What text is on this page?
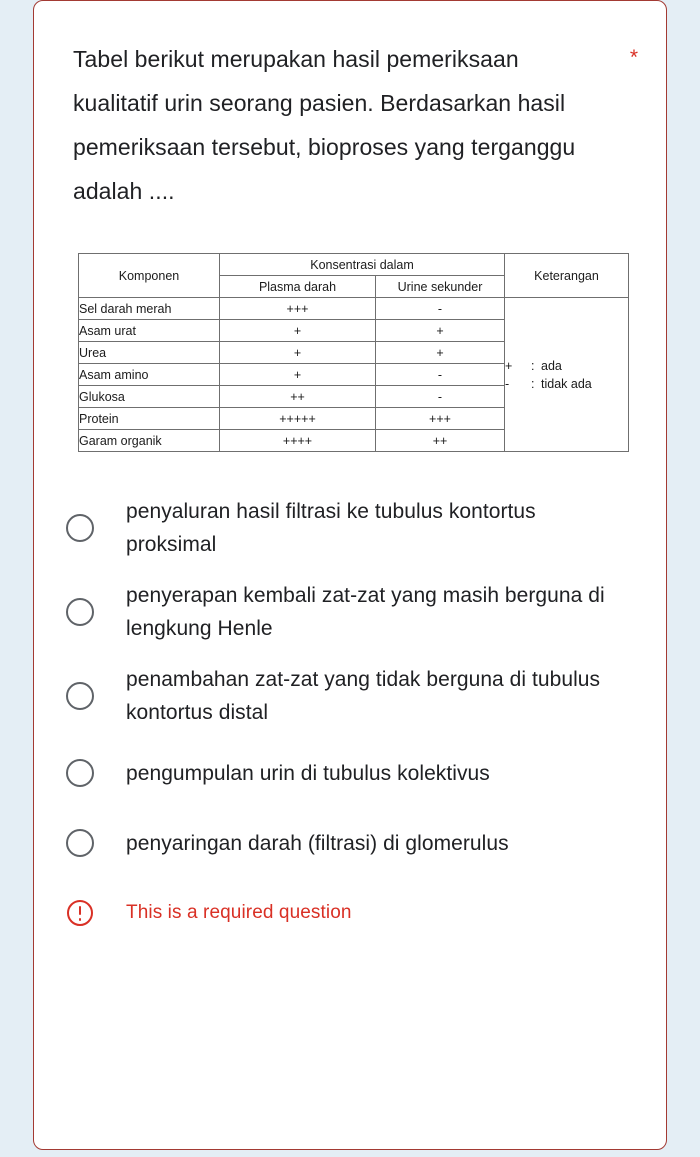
Tabel berikut merupakan hasil pemeriksaan kualitatif urin seorang pasien. Berdasarkan hasil pemeriksaan tersebut, bioproses yang terganggu adalah ....
*
Komponen	Konsentrasi dalam		Keterangan
	Plasma darah	Urine sekunder	
Sel darah merah	+++	-	+ : ada
- : tidak ada

Asam urat	+	+	
Urea	+	+	
Asam amino	+	-	
Glukosa	++	-	
Protein	+++++	+++	
Garam organik	++++	++	
penyaluran hasil filtrasi ke tubulus kontortus proksimal
penyerapan kembali zat-zat yang masih berguna di lengkung Henle
penambahan zat-zat yang tidak berguna di tubulus kontortus distal
pengumpulan urin di tubulus kolektivus
penyaringan darah (filtrasi) di glomerulus
This is a required question
